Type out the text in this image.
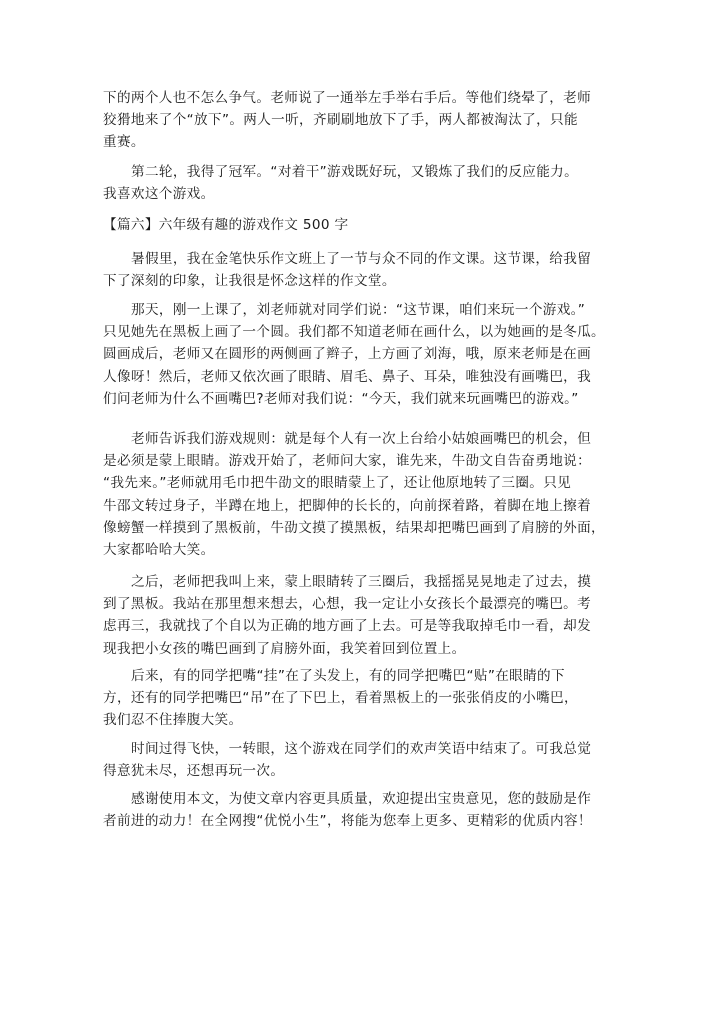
下的两个人也不怎么争气。老师说了一通举左手举右手后。等他们绕晕了，老师
狡猾地来了个“放下”。两人一听，齐刷刷地放下了手，两人都被淘汰了，只能
重赛。

第二轮，我得了冠军。“对着干”游戏既好玩，又锻炼了我们的反应能力。
我喜欢这个游戏。

【篇六】六年级有趣的游戏作文 500 字

暑假里，我在金笔快乐作文班上了一节与众不同的作文课。这节课，给我留
下了深刻的印象，让我很是怀念这样的作文堂。

那天，刚一上课了，刘老师就对同学们说：“这节课，咱们来玩一个游戏。”
只见她先在黑板上画了一个圆。我们都不知道老师在画什么，以为她画的是冬瓜。
圆画成后，老师又在圆形的两侧画了辫子，上方画了刘海，哦，原来老师是在画
人像呀！然后，老师又依次画了眼睛、眉毛、鼻子、耳朵，唯独没有画嘴巴，我
们问老师为什么不画嘴巴?老师对我们说：“今天，我们就来玩画嘴巴的游戏。”

老师告诉我们游戏规则：就是每个人有一次上台给小姑娘画嘴巴的机会，但
是必须是蒙上眼睛。游戏开始了，老师问大家，谁先来，牛劭文自告奋勇地说：
“我先来。”老师就用毛巾把牛劭文的眼睛蒙上了，还让他原地转了三圈。只见
牛邵文转过身子，半蹲在地上，把脚伸的长长的，向前探着路，着脚在地上擦着
像螃蟹一样摸到了黑板前，牛劭文摸了摸黑板，结果却把嘴巴画到了肩膀的外面，
大家都哈哈大笑。

之后，老师把我叫上来，蒙上眼睛转了三圈后，我摇摇晃晃地走了过去，摸
到了黑板。我站在那里想来想去，心想，我一定让小女孩长个最漂亮的嘴巴。考
虑再三，我就找了个自以为正确的地方画了上去。可是等我取掉毛巾一看，却发
现我把小女孩的嘴巴画到了肩膀外面，我笑着回到位置上。

后来，有的同学把嘴“挂”在了头发上，有的同学把嘴巴“贴”在眼睛的下
方，还有的同学把嘴巴“吊”在了下巴上，看着黑板上的一张张俏皮的小嘴巴，
我们忍不住捧腹大笑。

时间过得飞快，一转眼，这个游戏在同学们的欢声笑语中结束了。可我总觉
得意犹未尽，还想再玩一次。

感谢使用本文，为使文章内容更具质量，欢迎提出宝贵意见，您的鼓励是作
者前进的动力！在全网搜“优悦小生”，将能为您奉上更多、更精彩的优质内容！
